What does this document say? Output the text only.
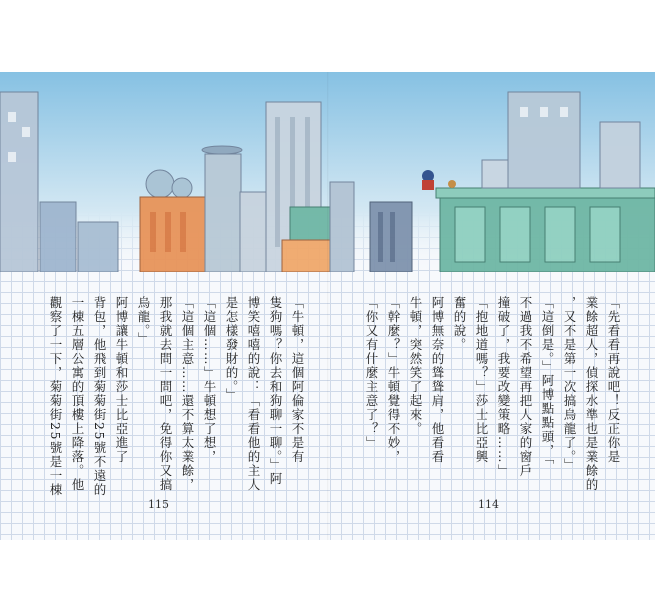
「先看看再說吧！反正你是
業餘超人，偵探水準也是業餘的
，又不是第一次搞烏龍了。」
「這倒是。」阿博點點頭，「
不過我不希望再把人家的窗戶
撞破了，我要改變策略……」
「抱地道嗎？」莎士比亞興
奮的說。
阿博無奈的聳聳肩，他看看
牛頓，突然笑了起來。
「幹麼？」牛頓覺得不妙，
「你又有什麼主意了？」
114
「牛頓，這個阿倫家不是有
隻狗嗎？你去和狗聊一聊。」阿
博笑嘻嘻的說：「看看他的主人
是怎樣發財的。」
「這個……」牛頓想了想，
「這個主意……還不算太業餘，
那我就去問一問吧，免得你又搞
烏龍。」
阿博讓牛頓和莎士比亞進了
背包，他飛到菊菊街25號不遠的
一棟五層公寓的頂樓上降落。他
觀察了一下，菊菊街25號是一棟
115
